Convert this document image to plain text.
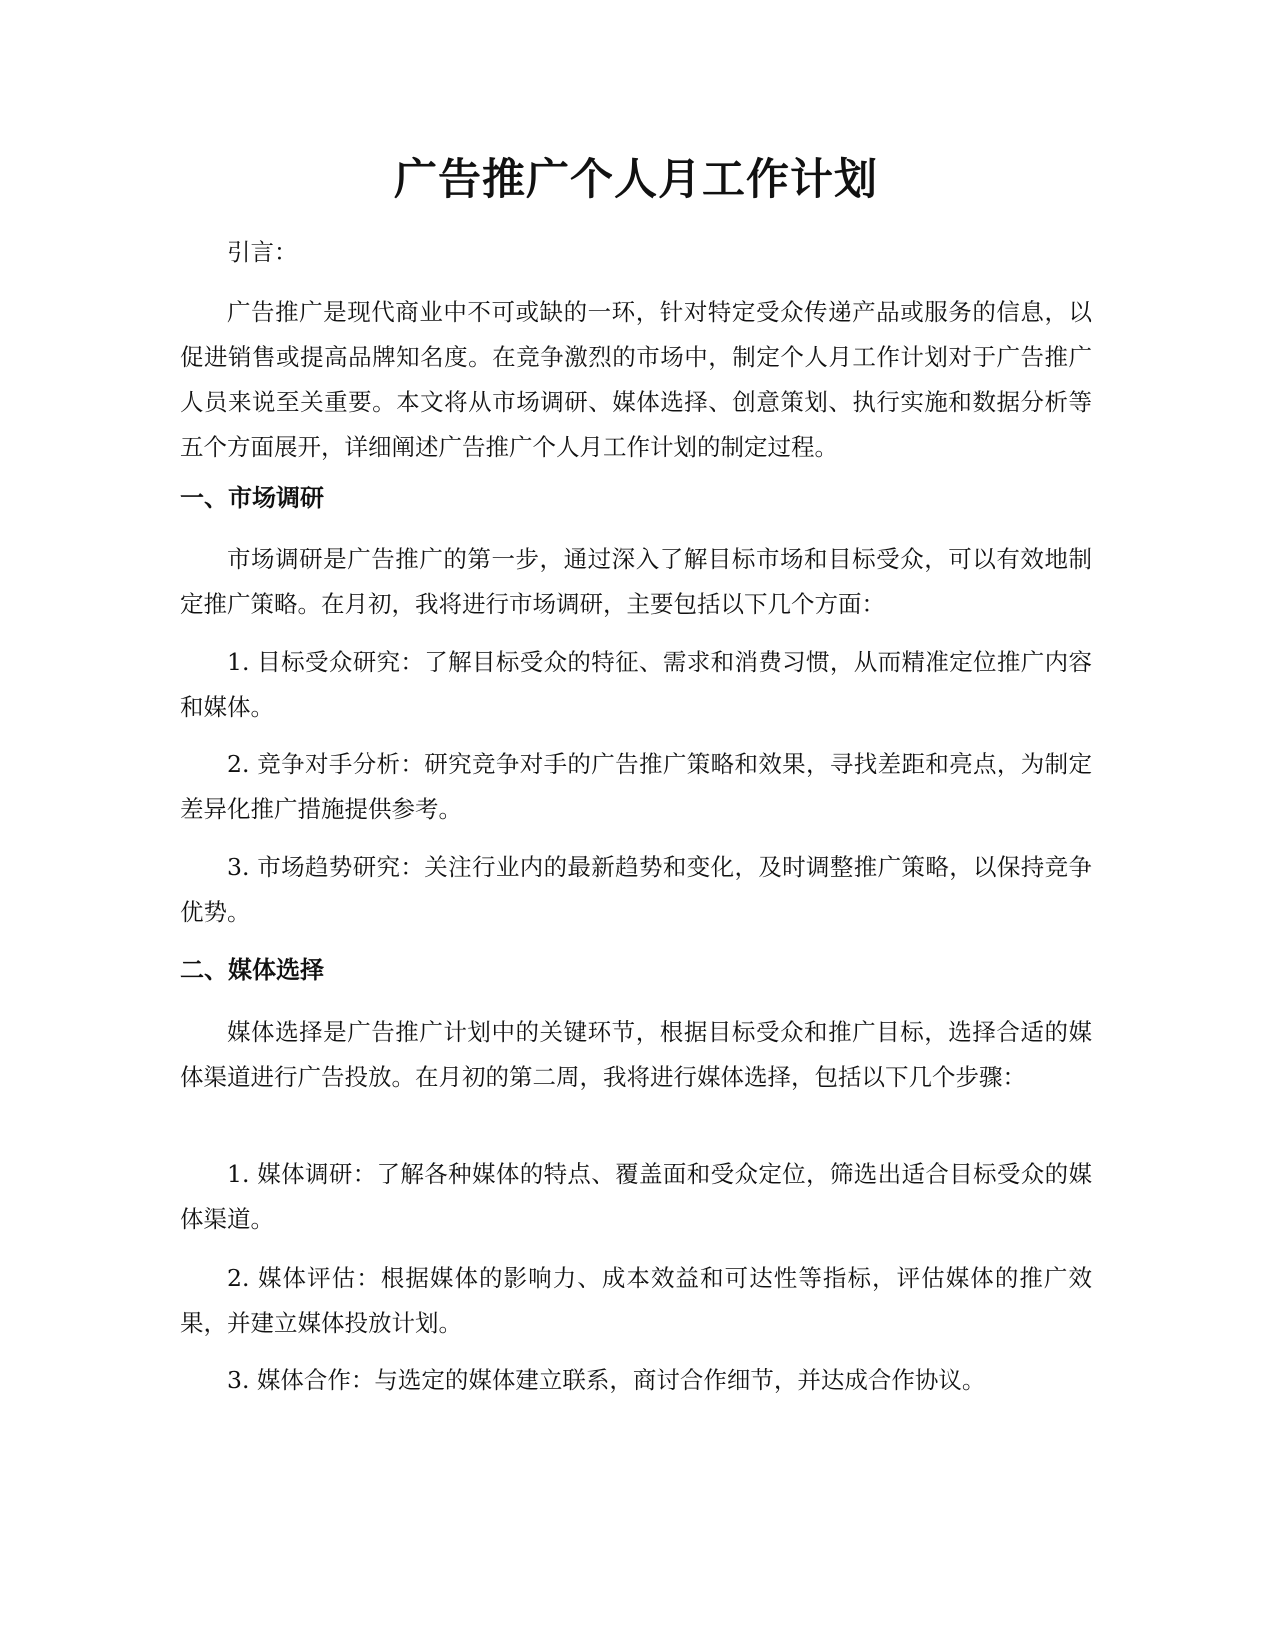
广告推广个人月工作计划

引言：

广告推广是现代商业中不可或缺的一环，针对特定受众传递产品或服务的信息，以促进销售或提高品牌知名度。在竞争激烈的市场中，制定个人月工作计划对于广告推广人员来说至关重要。本文将从市场调研、媒体选择、创意策划、执行实施和数据分析等五个方面展开，详细阐述广告推广个人月工作计划的制定过程。

一、市场调研

市场调研是广告推广的第一步，通过深入了解目标市场和目标受众，可以有效地制定推广策略。在月初，我将进行市场调研，主要包括以下几个方面：

1. 目标受众研究：了解目标受众的特征、需求和消费习惯，从而精准定位推广内容和媒体。

2. 竞争对手分析：研究竞争对手的广告推广策略和效果，寻找差距和亮点，为制定差异化推广措施提供参考。

3. 市场趋势研究：关注行业内的最新趋势和变化，及时调整推广策略，以保持竞争优势。

二、媒体选择

媒体选择是广告推广计划中的关键环节，根据目标受众和推广目标，选择合适的媒体渠道进行广告投放。在月初的第二周，我将进行媒体选择，包括以下几个步骤：

1. 媒体调研：了解各种媒体的特点、覆盖面和受众定位，筛选出适合目标受众的媒体渠道。

2. 媒体评估：根据媒体的影响力、成本效益和可达性等指标，评估媒体的推广效果，并建立媒体投放计划。

3. 媒体合作：与选定的媒体建立联系，商讨合作细节，并达成合作协议。
